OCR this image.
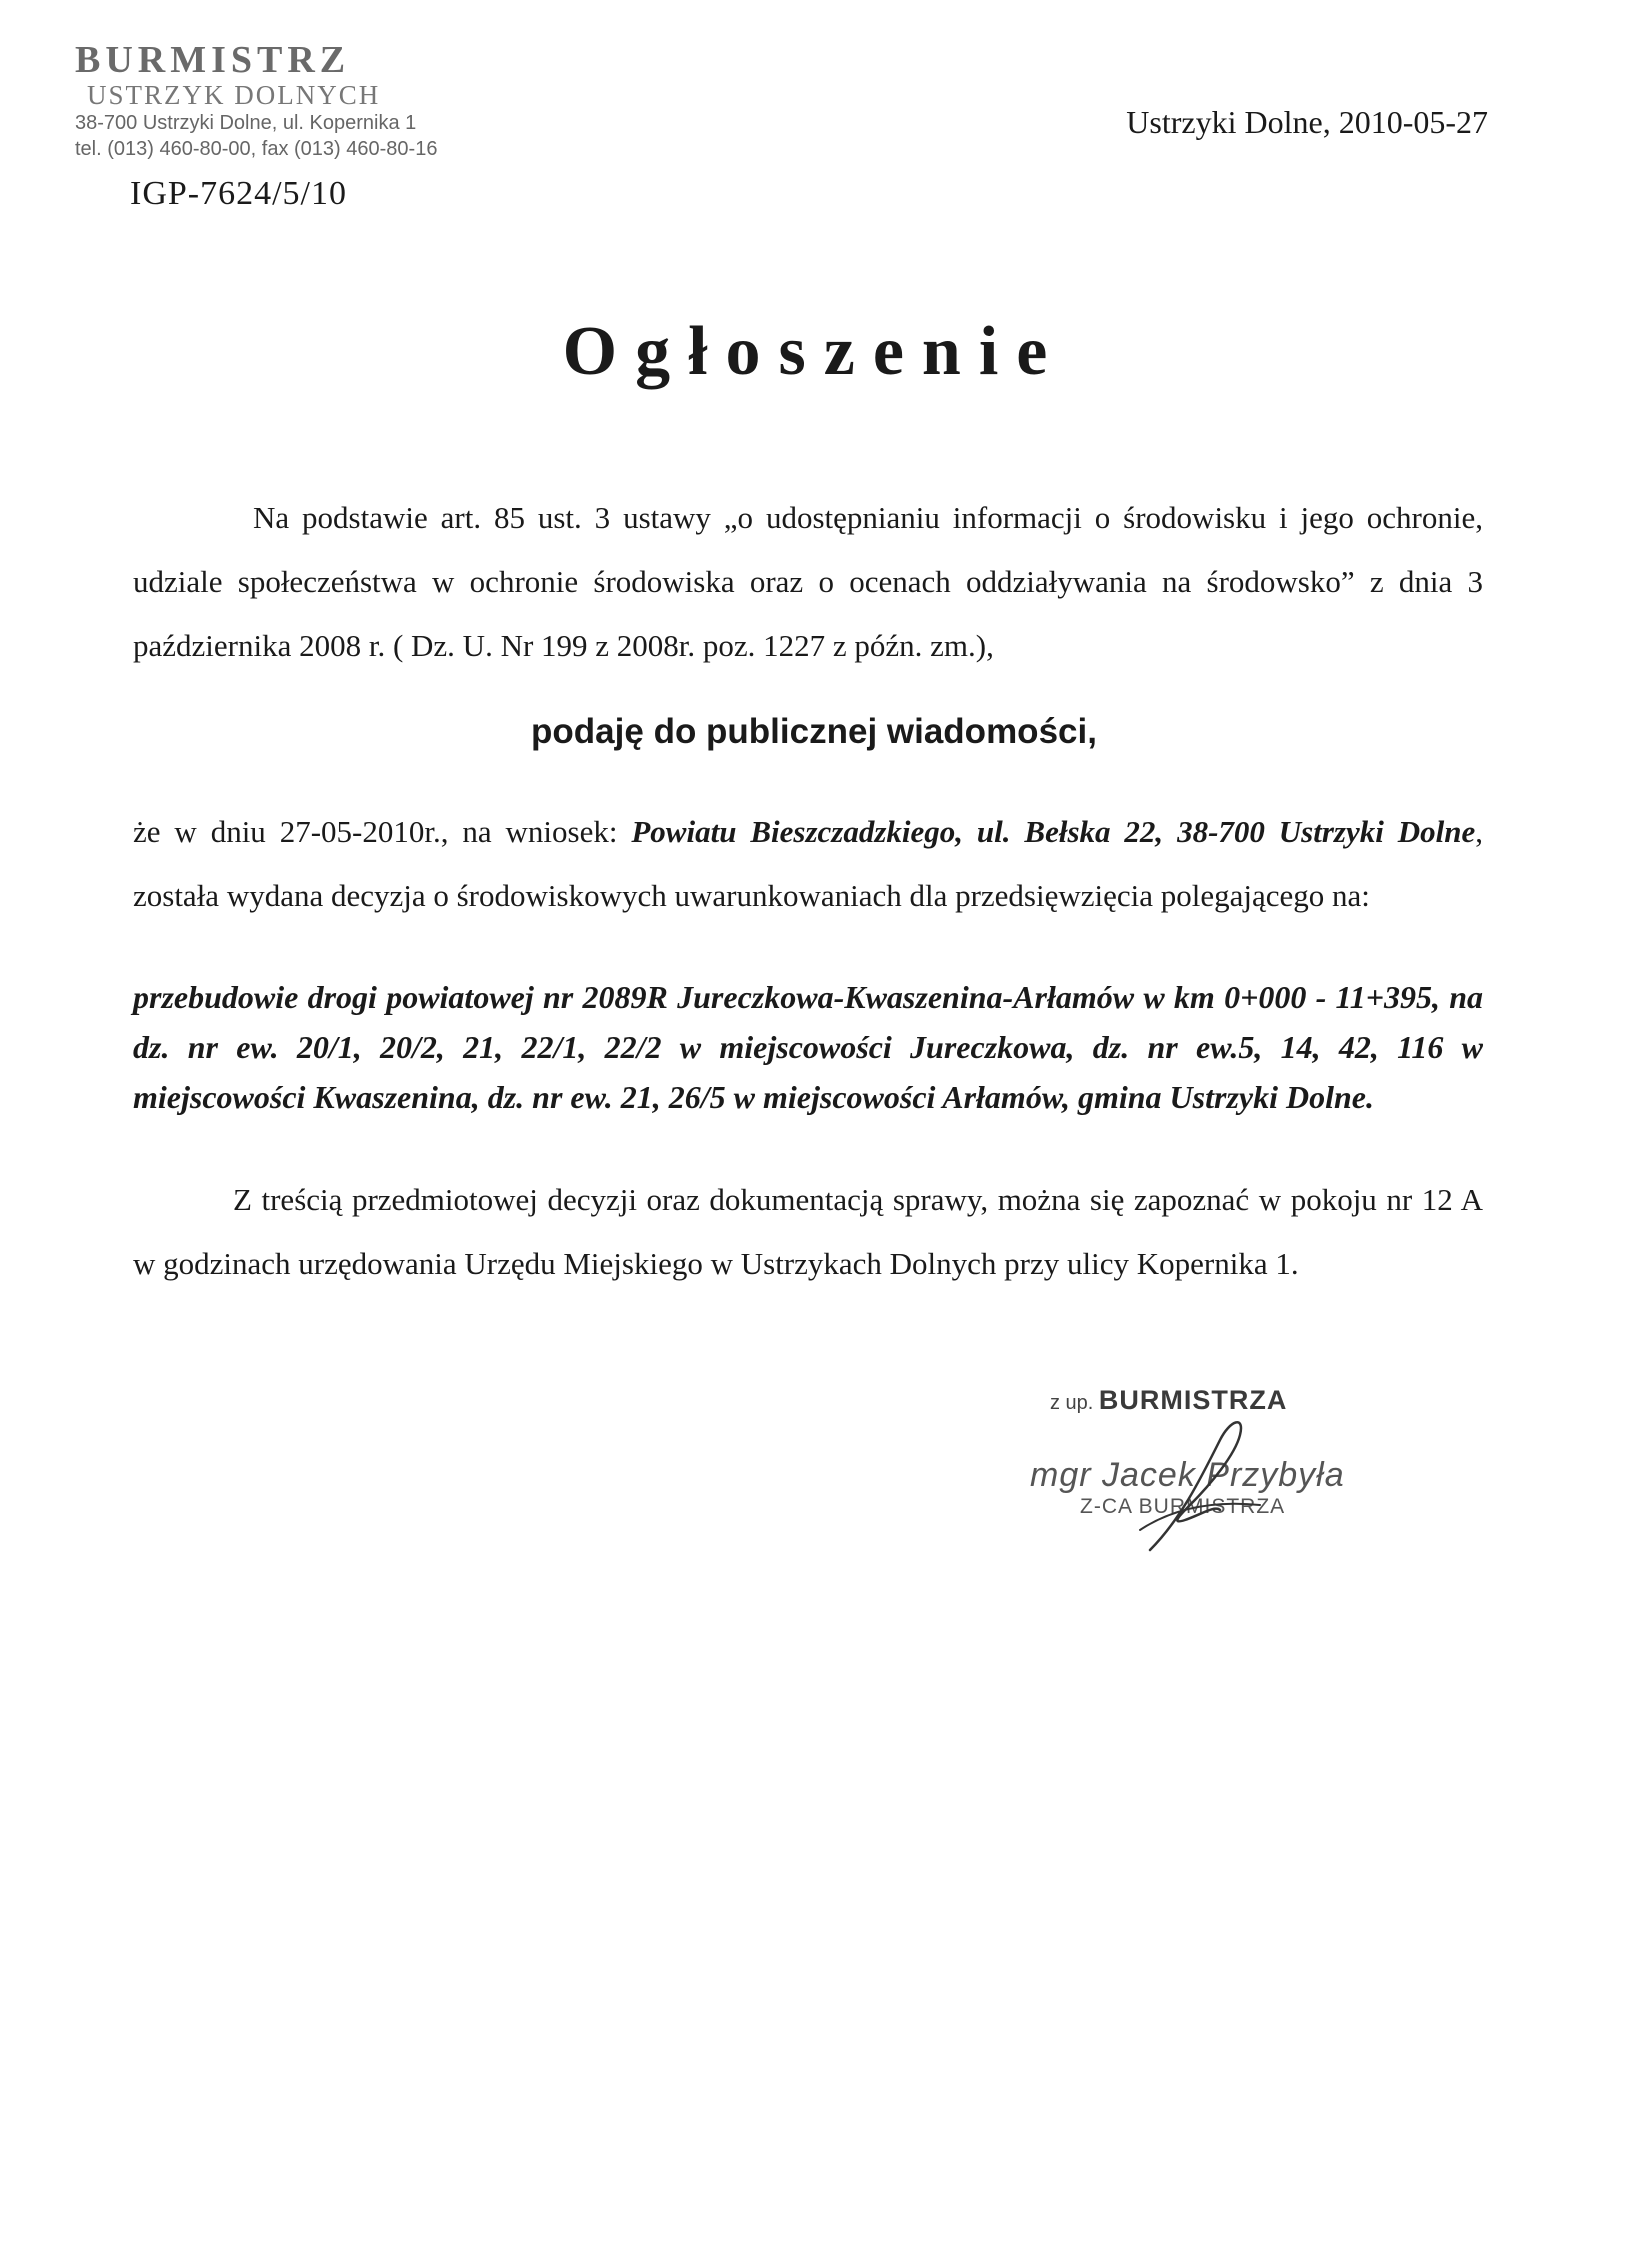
BURMISTRZ
USTRZYK DOLNYCH
38-700 Ustrzyki Dolne, ul. Kopernika 1
tel. (013) 460-80-00, fax (013) 460-80-16
IGP-7624/5/10
Ustrzyki Dolne, 2010-05-27
Ogłoszenie

Na podstawie art. 85 ust. 3 ustawy „o udostępnianiu informacji o środowisku i jego ochronie, udziale społeczeństwa w ochronie środowiska oraz o ocenach oddziaływania na środowsko” z dnia 3 października 2008 r. ( Dz. U. Nr 199 z 2008r. poz. 1227 z późn. zm.),

podaję do publicznej wiadomości,

że w dniu 27-05-2010r., na wniosek: Powiatu Bieszczadzkiego, ul. Bełska 22, 38-700 Ustrzyki Dolne, została wydana decyzja o środowiskowych uwarunkowaniach dla przedsięwzięcia polegającego na:

przebudowie drogi powiatowej nr 2089R Jureczkowa-Kwaszenina-Arłamów w km 0+000 - 11+395, na dz. nr ew. 20/1, 20/2, 21, 22/1, 22/2 w miejscowości Jureczkowa, dz. nr ew.5, 14, 42, 116 w miejscowości Kwaszenina, dz. nr ew. 21, 26/5 w miejscowości Arłamów, gmina Ustrzyki Dolne.

Z treścią przedmiotowej decyzji oraz dokumentacją sprawy, można się zapoznać w pokoju nr 12 A w godzinach urzędowania Urzędu Miejskiego w Ustrzykach Dolnych przy ulicy Kopernika 1.

z up. BURMISTRZA
mgr Jacek Przybyła
Z-CA BURMISTRZA
